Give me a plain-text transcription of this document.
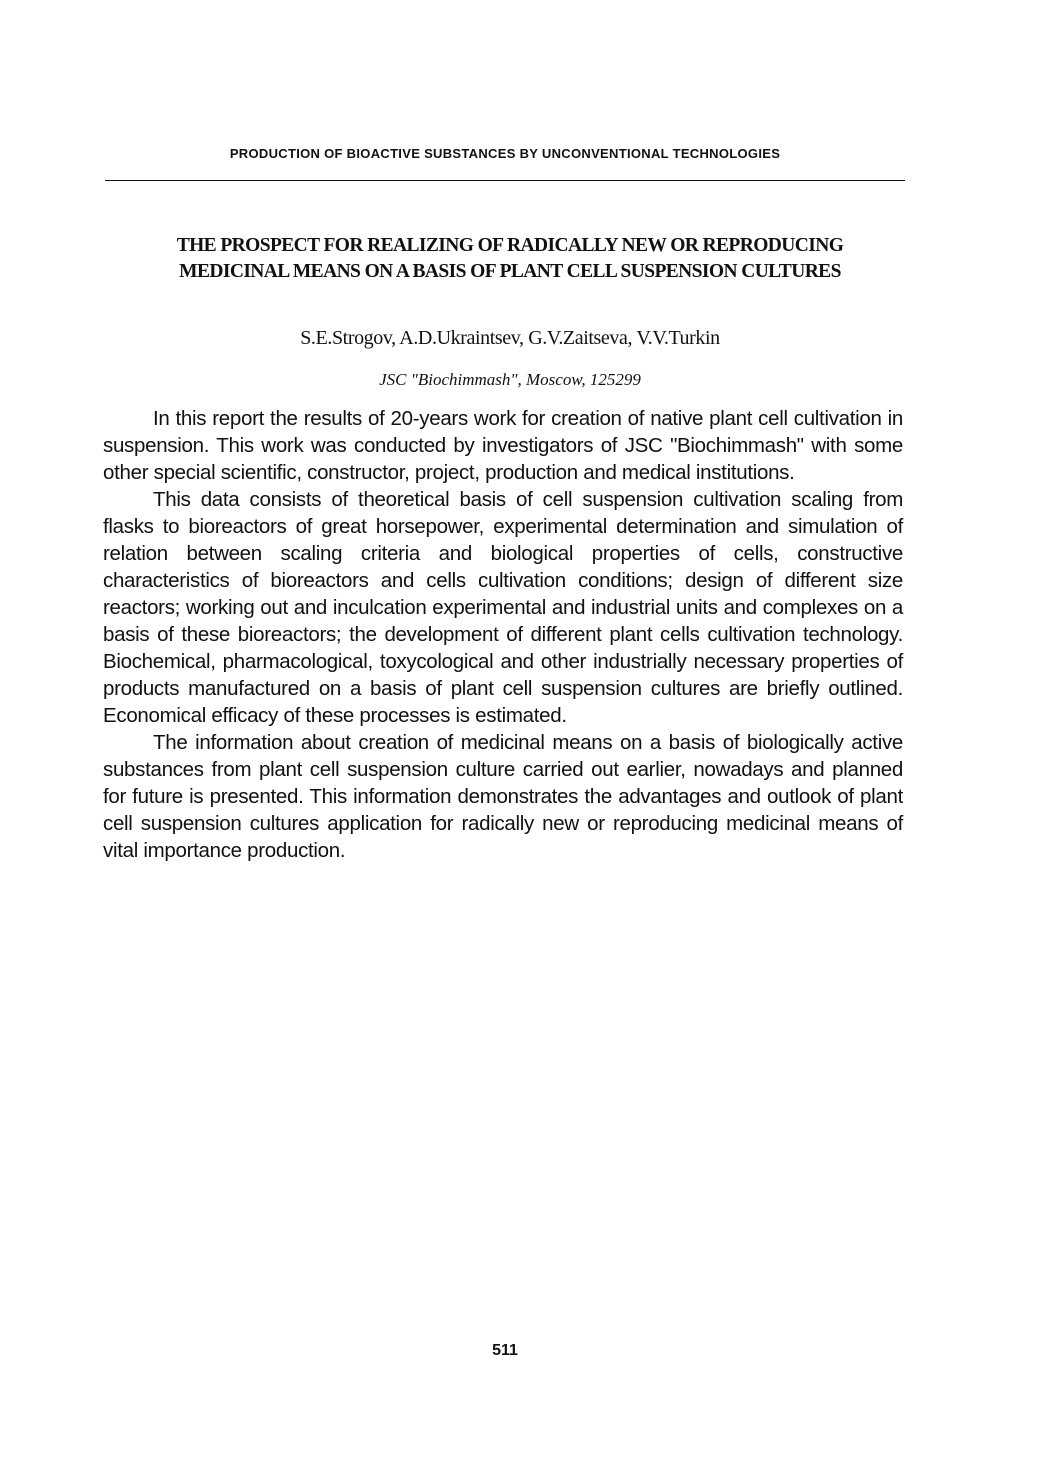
PRODUCTION OF BIOACTIVE SUBSTANCES BY UNCONVENTIONAL TECHNOLOGIES
THE PROSPECT FOR REALIZING OF RADICALLY NEW OR REPRODUCING MEDICINAL MEANS ON A BASIS OF PLANT CELL SUSPENSION CULTURES
S.E.Strogov, A.D.Ukraintsev, G.V.Zaitseva, V.V.Turkin
JSC "Biochimmash", Moscow, 125299

In this report the results of 20-years work for creation of native plant cell cultivation in suspension. This work was conducted by investigators of JSC "Biochimmash" with some other special scientific, constructor, project, production and medical institutions.

This data consists of theoretical basis of cell suspension cultivation scaling from flasks to bioreactors of great horsepower, experimental determination and simulation of relation between scaling criteria and biological properties of cells, constructive characteristics of bioreactors and cells cultivation conditions; design of different size reactors; working out and inculcation experimental and industrial units and complexes on a basis of these bioreactors; the development of different plant cells cultivation technology. Biochemical, pharmacological, toxycological and other industrially necessary properties of products manufactured on a basis of plant cell suspension cultures are briefly outlined. Economical efficacy of these processes is estimated.

The information about creation of medicinal means on a basis of biologically active substances from plant cell suspension culture carried out earlier, nowadays and planned for future is presented. This information demonstrates the advantages and outlook of plant cell suspension cultures application for radically new or reproducing medicinal means of vital importance production.

511
